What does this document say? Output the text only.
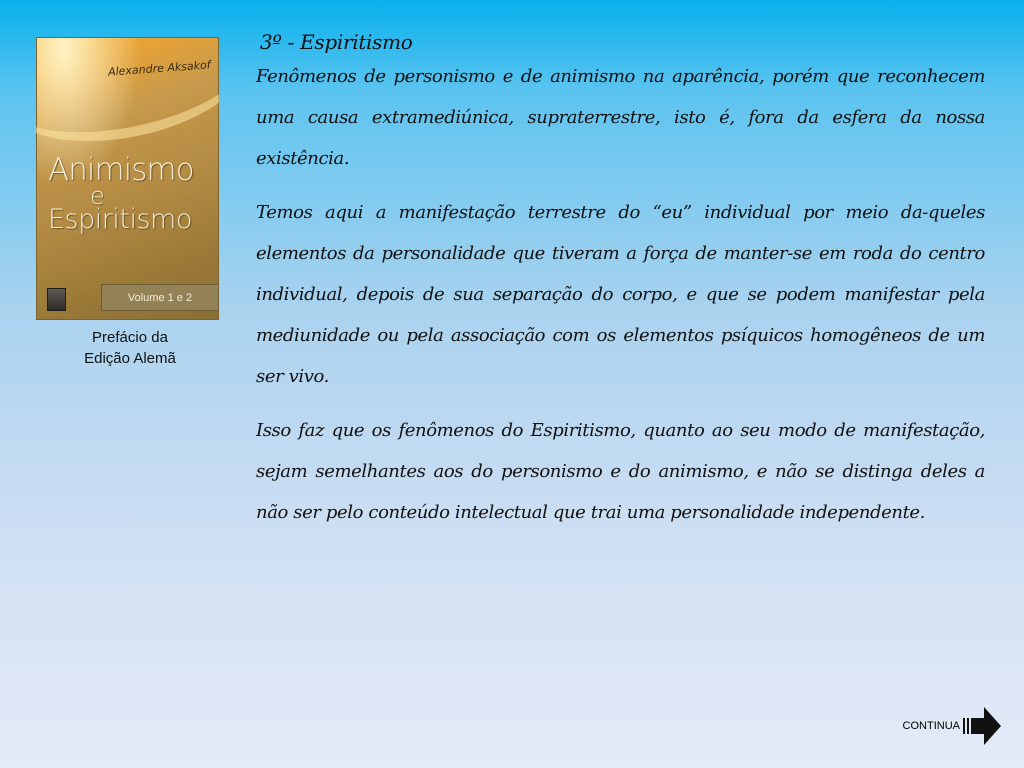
Alexandre Aksakof
Animismo
e
Espiritismo
Volume 1 e 2
Prefácio da
Edição Alemã
3º - Espiritismo

Fenômenos de personismo e de animismo na aparência, porém que reconhecem uma causa extramediúnica, supraterrestre, isto é, fora da esfera da nossa existência.

Temos aqui a manifestação terrestre do “eu” individual por meio da-queles elementos da personalidade que tiveram a força de manter-se em roda do centro individual, depois de sua separação do corpo, e que se podem manifestar pela mediunidade ou pela associação com os elementos psíquicos homogêneos de um ser vivo.

Isso faz que os fenômenos do Espiritismo, quanto ao seu modo de manifestação, sejam semelhantes aos do personismo e do animismo, e não se distinga deles a não ser pelo conteúdo intelectual que trai uma personalidade independente.

CONTINUA
